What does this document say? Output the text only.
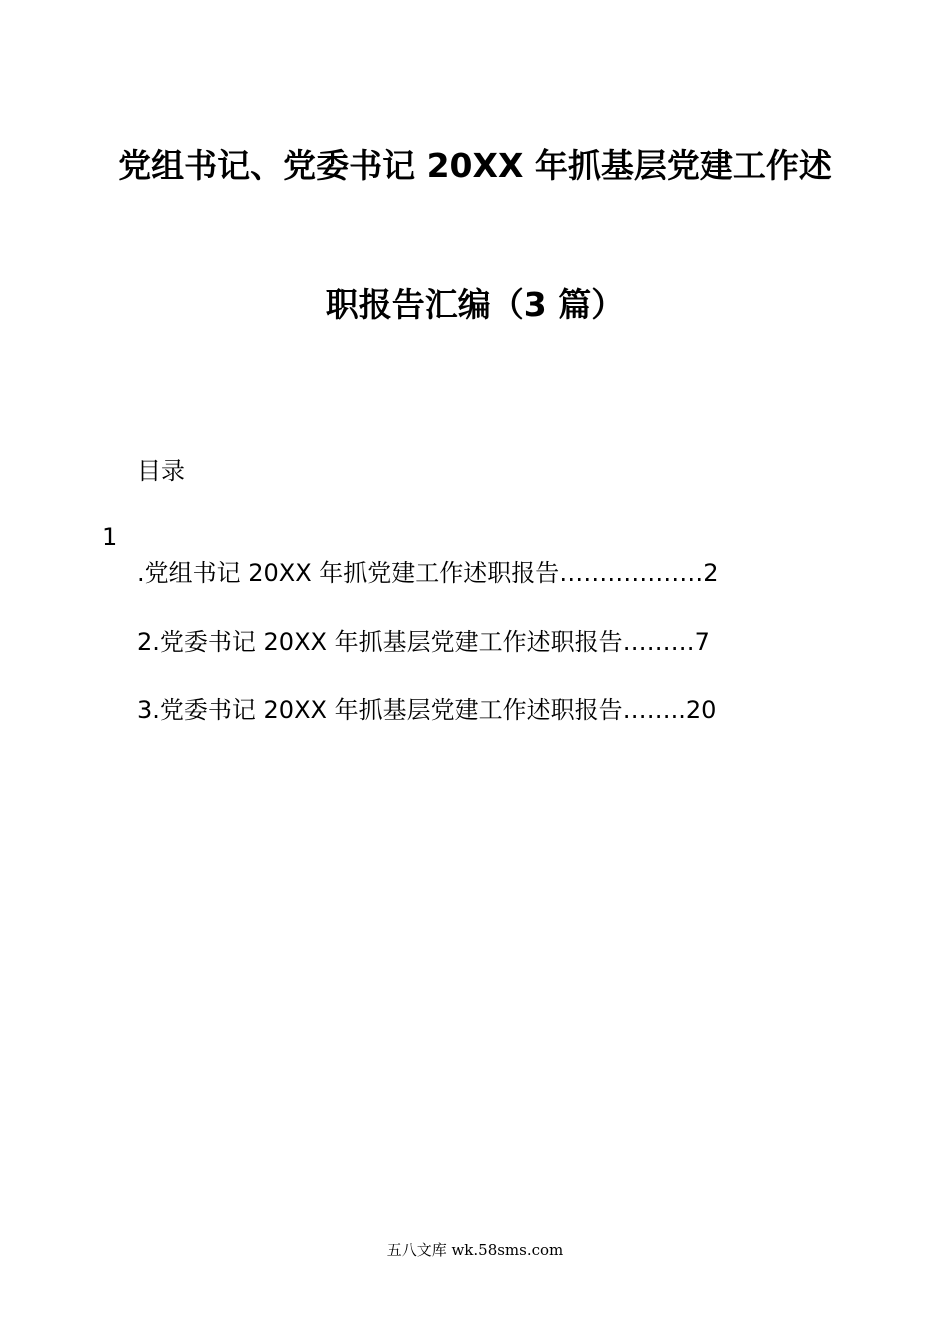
党组书记、党委书记 20XX 年抓基层党建工作述
职报告汇编（3 篇）
目录
1
.党组书记 20XX 年抓党建工作述职报告………………2
2.党委书记 20XX 年抓基层党建工作述职报告………7
3.党委书记 20XX 年抓基层党建工作述职报告……..20
五八文库 wk.58sms.com
